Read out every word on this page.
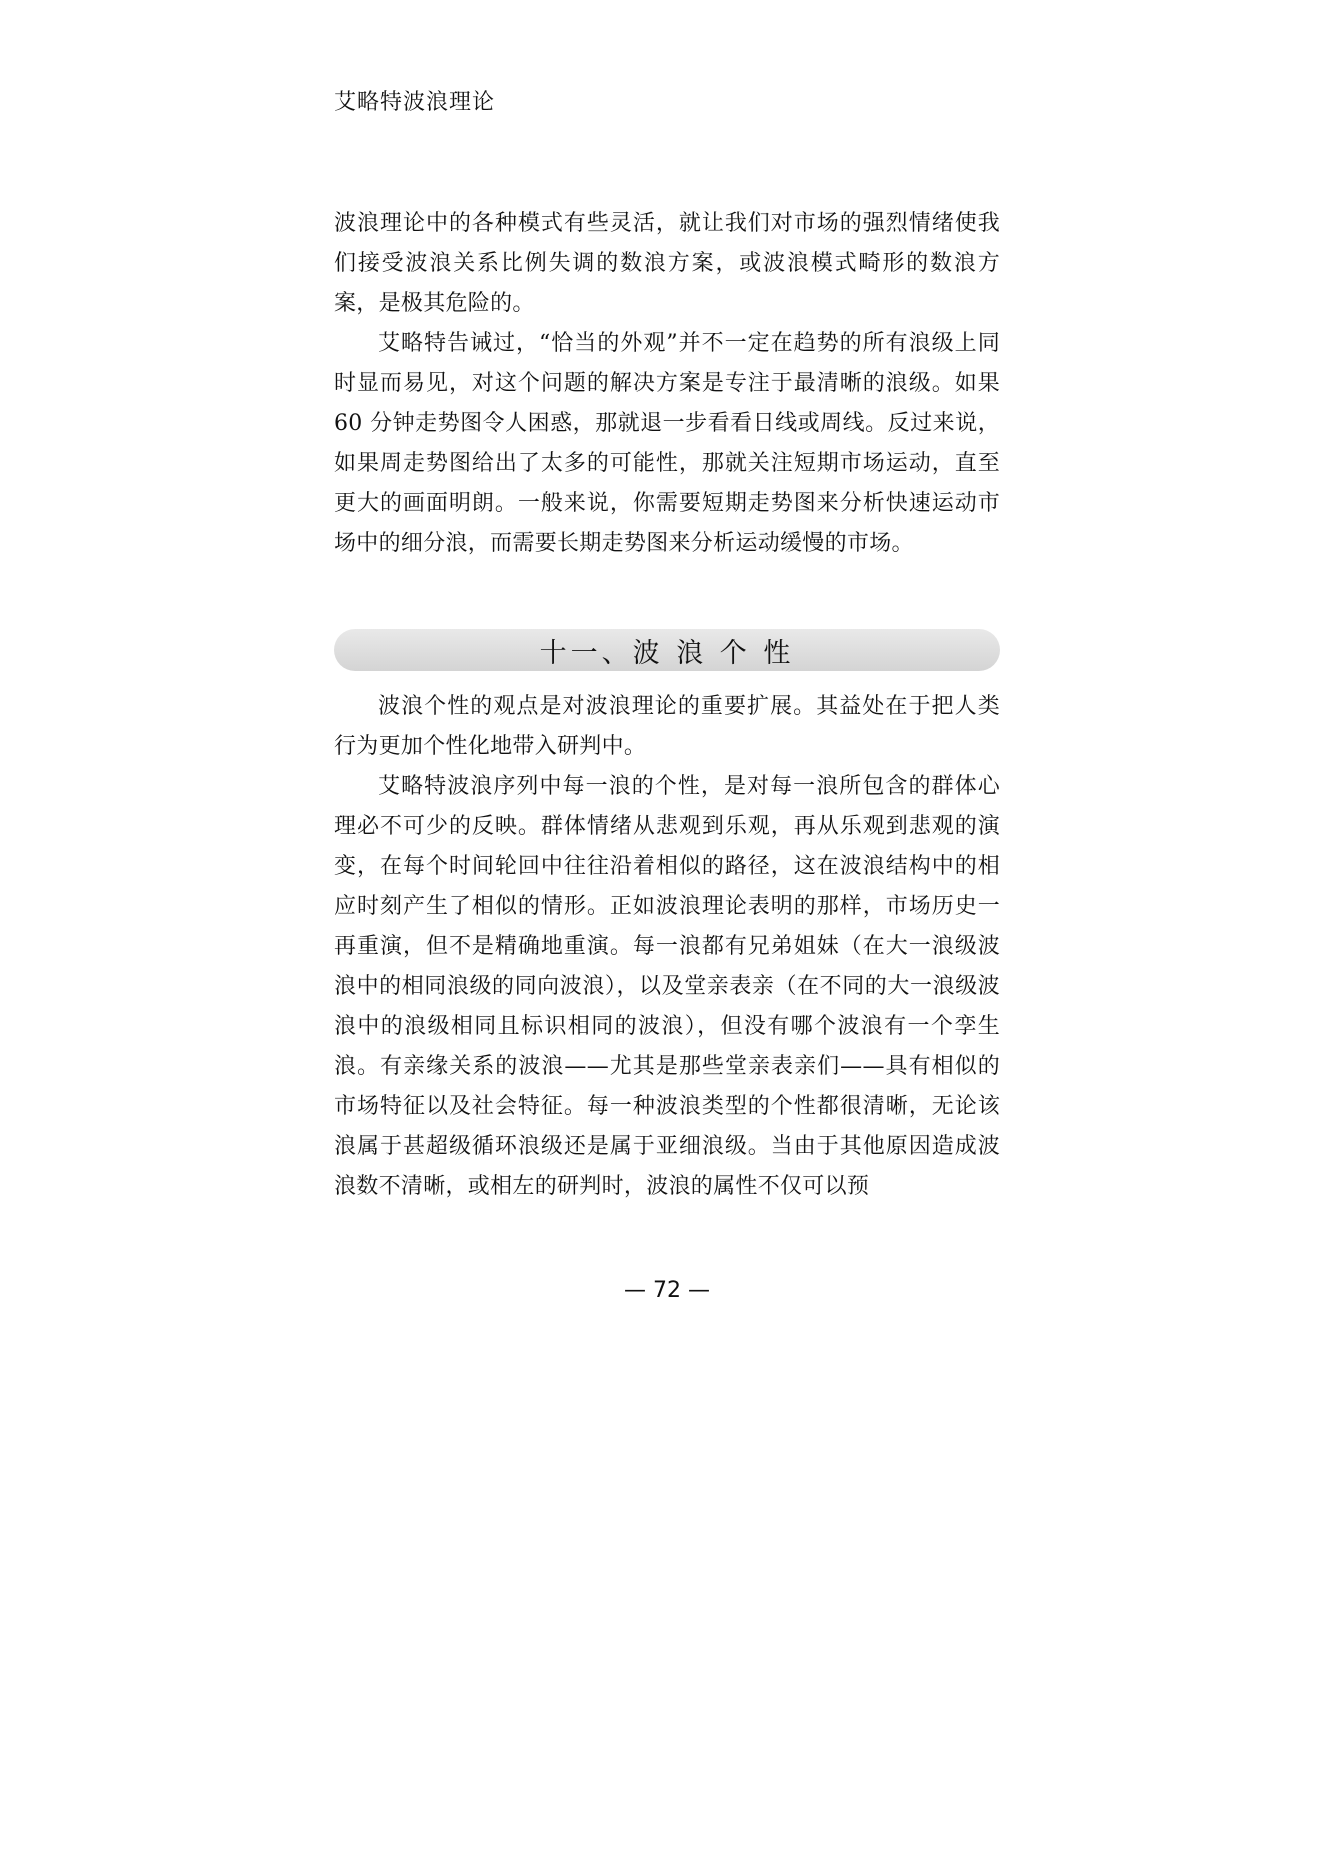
艾略特波浪理论

波浪理论中的各种模式有些灵活，就让我们对市场的强烈情绪使我们接受波浪关系比例失调的数浪方案，或波浪模式畸形的数浪方案，是极其危险的。

艾略特告诫过，“恰当的外观”并不一定在趋势的所有浪级上同时显而易见，对这个问题的解决方案是专注于最清晰的浪级。如果 60 分钟走势图令人困惑，那就退一步看看日线或周线。反过来说，如果周走势图给出了太多的可能性，那就关注短期市场运动，直至更大的画面明朗。一般来说，你需要短期走势图来分析快速运动市场中的细分浪，而需要长期走势图来分析运动缓慢的市场。

十一、波 浪 个 性

波浪个性的观点是对波浪理论的重要扩展。其益处在于把人类行为更加个性化地带入研判中。

艾略特波浪序列中每一浪的个性，是对每一浪所包含的群体心理必不可少的反映。群体情绪从悲观到乐观，再从乐观到悲观的演变，在每个时间轮回中往往沿着相似的路径，这在波浪结构中的相应时刻产生了相似的情形。正如波浪理论表明的那样，市场历史一再重演，但不是精确地重演。每一浪都有兄弟姐妹（在大一浪级波浪中的相同浪级的同向波浪），以及堂亲表亲（在不同的大一浪级波浪中的浪级相同且标识相同的波浪），但没有哪个波浪有一个孪生浪。有亲缘关系的波浪——尤其是那些堂亲表亲们——具有相似的市场特征以及社会特征。每一种波浪类型的个性都很清晰，无论该浪属于甚超级循环浪级还是属于亚细浪级。当由于其他原因造成波浪数不清晰，或相左的研判时，波浪的属性不仅可以预

— 72 —
